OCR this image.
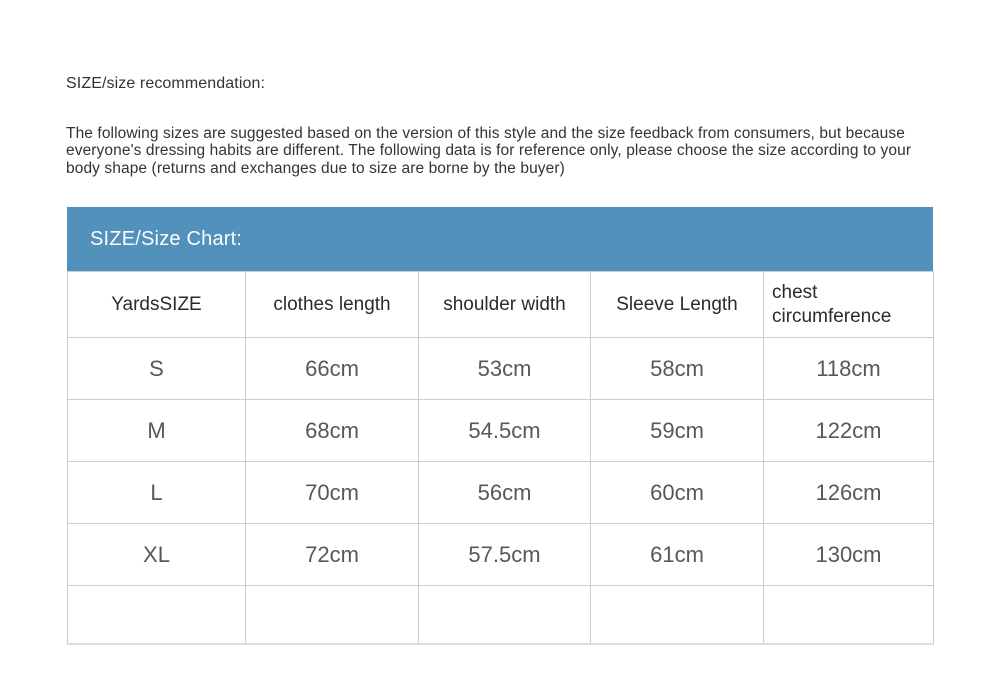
SIZE/size recommendation:
The following sizes are suggested based on the version of this style and the size feedback from consumers, but because everyone's dressing habits are different. The following data is for reference only, please choose the size according to your body shape (returns and exchanges due to size are borne by the buyer)
SIZE/Size Chart:
YardsSIZE	clothes length	shoulder width	Sleeve Length	chest circumference
S	66cm	53cm	58cm	118cm
M	68cm	54.5cm	59cm	122cm
L	70cm	56cm	60cm	126cm
XL	72cm	57.5cm	61cm	130cm
